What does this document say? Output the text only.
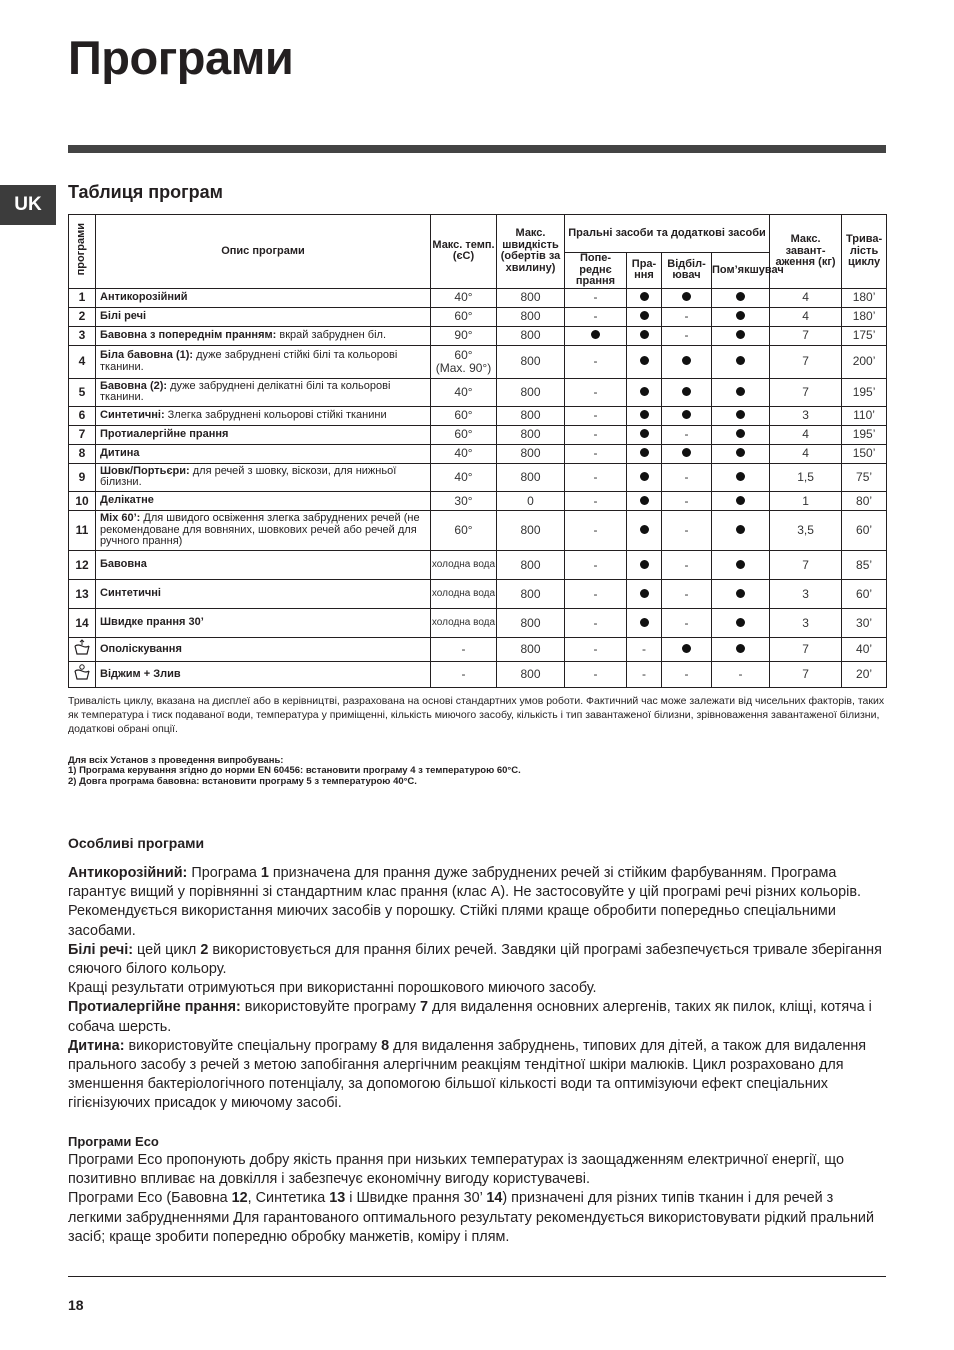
Програми
UK
Таблиця програм
програми	Опис програми	Макс. темп. (єC)	Макс. швидкість (обертів за хвилину)	Пральні засоби та додаткові засоби				Макс. завант-аження (кг)	Трива-лість циклу
				Попе-реднє прання	Пра-ння	Відбіл-ювач	Пом’якшувач		
1	Антикорозійний	40°	800	-				4	180’
2	Білі речі	60°	800	-		-		4	180’
3	Бавовна з попереднім пранням: вкрай забруднен біл.	90°	800			-		7	175’
4	Біла бавовна (1): дуже забруднені стійкі білі та кольорові тканини.	60°
(Max. 90°)	800	-				7	200’
5	Бавовна (2): дуже забруднені делікатні білі та кольорові тканини.	40°	800	-				7	195’
6	Синтетичні: Злегка забруднені кольорові стійкі тканини	60°	800	-				3	110’
7	Протиалергійне прання	60°	800	-		-		4	195’
8	Дитина	40°	800	-				4	150’
9	Шовк/Портьєри: для речей з шовку, віскози, для нижньої білизни.	40°	800	-		-		1,5	75’
10	Делікатне	30°	0	-		-		1	80’
11	Mix 60’: Для швидого освіження злегка забруднених речей (не рекомендоване для вовняних, шовкових речей або речей для ручного прання)	60°	800	-		-		3,5	60’
12	Бавовна	холодна вода	800	-		-		7	85’
13	Синтетичні	холодна вода	800	-		-		3	60’
14	Швидке прання 30’	холодна вода	800	-		-		3	30’
	Ополіскування	-	800	-	-			7	40’
	Віджим + Злив	-	800	-	-	-	-	7	20’
Тривалість циклу, вказана на дисплеї або в керівництві, разрахована на основі стандартних умов роботи. Фактичний час може залежати від чисельних факторів, таких як температура і тиск подаваної води, температура у приміщенні, кількість миючого засобу, кількість і тип завантаженої білизни, зрівноваження завантаженої білизни, додаткові обрані опції.
Для всіх Установ з проведення випробувань:
1) Програма керування згідно до норми EN 60456: встановити програму 4 з температурою 60°C.
2) Довга програма бавовна: встановити програму 5 з температурою 40°C.
Особливі програми

Антикорозійний: Програма 1 призначена для прання дуже забруднених речей зі стійким фарбуванням. Програма гарантує вищий у порівнянні зі стандартним клас прання (клас А). Не застосовуйте у цій програмі речі різних кольорів. Рекомендується використання миючих засобів у порошку. Стійкі плями краще обробити попередньо спеціальними засобами.

Білі речі: цей цикл 2 використовується для прання білих речей. Завдяки цій програмі забезпечується тривале зберігання сяючого білого кольору.

Кращі результати отримуються при використанні порошкового миючого засобу.

Протиалергійне прання: використовуйте програму 7 для видалення основних алергенів, таких як пилок, кліщі, котяча і собача шерсть.

Дитина: використовуйте спеціальну програму 8 для видалення забруднень, типових для дітей, а також для видалення прального засобу з речей з метою запобігання алергічним реакціям тендітної шкіри малюків. Цикл розраховано для зменшення бактеріологічного потенціалу, за допомогою більшої кількості води та оптимізуючи ефект спеціальних гігієнізуючих присадок у миючому засобі.

Програми Eco

Програми Eco пропонують добру якість прання при низьких температурах із заощадженням електричної енергії, що позитивно впливає на довкілля і забезпечує економічну вигоду користувачеві.

Програми Eco (Бавовна 12, Синтетика 13 і Швидке прання 30’ 14) призначені для різних типів тканин і для речей з легкими забрудненнями Для гарантованого оптимального результату рекомендується використовувати рідкий пральний засіб; краще зробити попередню обробку манжетів, коміру і плям.

18
